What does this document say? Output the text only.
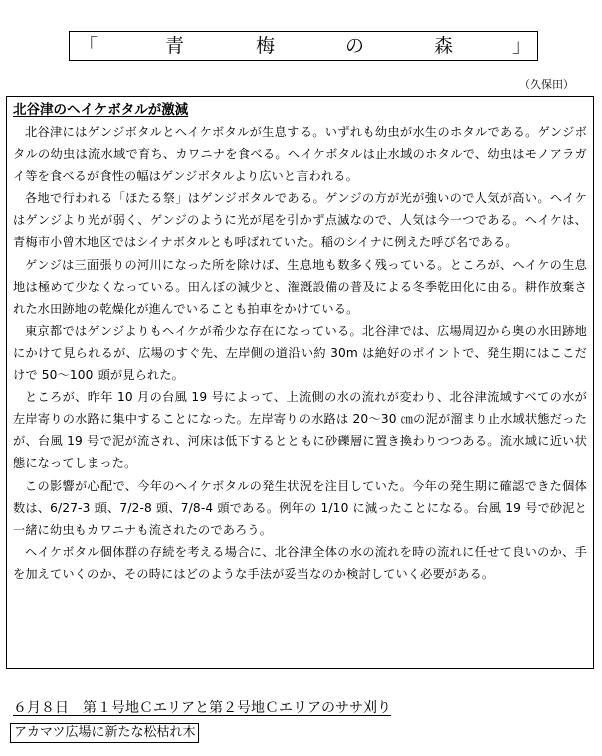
「	青	梅	の	森	」
（久保田）
北谷津のヘイケボタルが激減

北谷津にはゲンジボタルとヘイケボタルが生息する。いずれも幼虫が水生のホタルである。ゲンジボタルの幼虫は流水域で育ち、カワニナを食べる。ヘイケボタルは止水域のホタルで、幼虫はモノアラガイ等を食べるが食性の幅はゲンジボタルより広いと言われる。

各地で行われる「ほたる祭」はゲンジボタルである。ゲンジの方が光が強いので人気が高い。ヘイケはゲンジより光が弱く、ゲンジのように光が尾を引かず点滅なので、人気は今一つである。ヘイケは、青梅市小曾木地区ではシイナボタルとも呼ばれていた。稲のシイナに例えた呼び名である。

ゲンジは三面張りの河川になった所を除けば、生息地も数多く残っている。ところが、ヘイケの生息地は極めて少なくなっている。田んぼの減少と、潅漑設備の普及による冬季乾田化に由る。耕作放棄された水田跡地の乾燥化が進んでいることも拍車をかけている。

東京都ではゲンジよりもヘイケが希少な存在になっている。北谷津では、広場周辺から奥の水田跡地にかけて見られるが、広場のすぐ先、左岸側の道沿い約 30m は絶好のポイントで、発生期にはここだけで 50～100 頭が見られた。

ところが、昨年 10 月の台風 19 号によって、上流側の水の流れが変わり、北谷津流域すべての水が左岸寄りの水路に集中することになった。左岸寄りの水路は 20～30 ㎝の泥が溜まり止水域状態だったが、台風 19 号で泥が流され、河床は低下するとともに砂礫層に置き換わりつつある。流水域に近い状態になってしまった。

この影響が心配で、今年のヘイケボタルの発生状況を注目していた。今年の発生期に確認できた個体数は、6/27-3 頭、7/2-8 頭、7/8-4 頭である。例年の 1/10 に減ったことになる。台風 19 号で砂泥と一緒に幼虫もカワニナも流されたのであろう。

ヘイケボタル個体群の存続を考える場合に、北谷津全体の水の流れを時の流れに任せて良いのか、手を加えていくのか、その時にはどのような手法が妥当なのか検討していく必要がある。

６月８日　第１号地Ｃエリアと第２号地Ｃエリアのササ刈り
アカマツ広場に新たな松枯れ木
